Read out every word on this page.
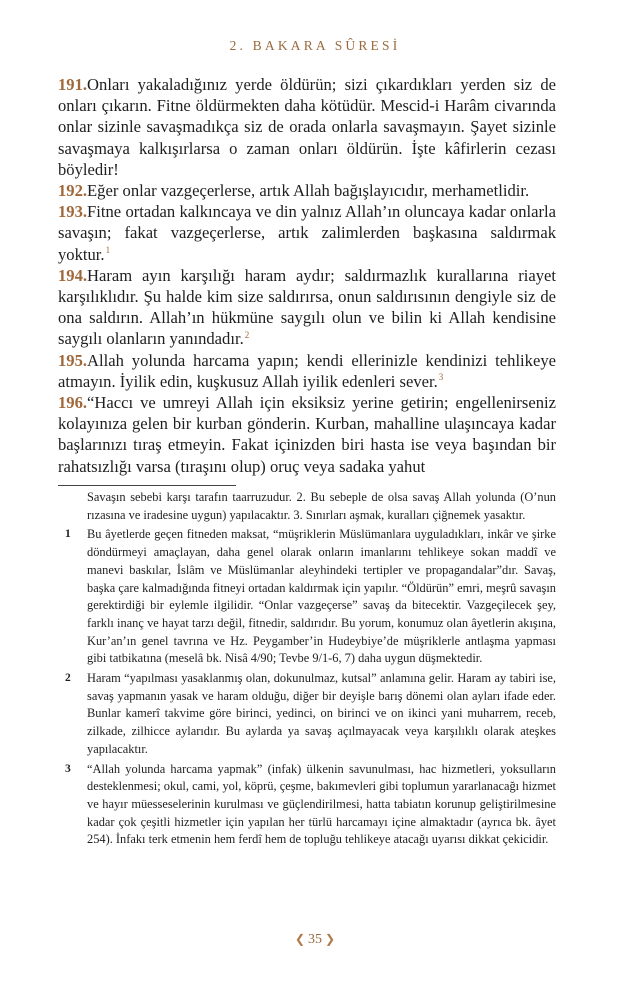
2. BAKARA SÛRESİ

191.Onları yakaladığınız yerde öldürün; sizi çıkardıkları yerden siz de onları çıkarın. Fitne öldürmekten daha kötüdür. Mescid-i Harâm civarında onlar sizinle savaşmadıkça siz de orada onlarla savaşmayın. Şayet sizinle savaşmaya kalkışırlarsa o zaman onları öldürün. İşte kâfirlerin cezası böyledir!

192.Eğer onlar vazgeçerlerse, artık Allah bağışlayıcıdır, merhametlidir.

193.Fitne ortadan kalkıncaya ve din yalnız Allah’ın oluncaya kadar onlarla savaşın; fakat vazgeçerlerse, artık zalimlerden başkasına saldırmak yoktur.$^1$

194.Haram ayın karşılığı haram aydır; saldırmazlık kurallarına riayet karşılıklıdır. Şu halde kim size saldırırsa, onun saldırısının dengiyle siz de ona saldırın. Allah’ın hükmüne saygılı olun ve bilin ki Allah kendisine saygılı olanların yanındadır.$^2$

195.Allah yolunda harcama yapın; kendi ellerinizle kendinizi tehlikeye atmayın. İyilik edin, kuşkusuz Allah iyilik edenleri sever.$^3$

196.“Haccı ve umreyi Allah için eksiksiz yerine getirin; engellenirseniz kolayınıza gelen bir kurban gönderin. Kurban, mahalline ulaşıncaya kadar başlarınızı tıraş etmeyin. Fakat içinizden biri hasta ise veya başından bir rahatsızlığı varsa (tıraşını olup) oruç veya sadaka yahut

Savaşın sebebi karşı tarafın taarruzudur. 2. Bu sebeple de olsa savaş Allah yolunda (O’nun rızasına ve iradesine uygun) yapılacaktır. 3. Sınırları aşmak, kuralları çiğnemek yasaktır.

1 Bu âyetlerde geçen fitneden maksat, “müşriklerin Müslümanlara uyguladıkları, inkâr ve şirke döndürmeyi amaçlayan, daha genel olarak onların imanlarını tehlikeye sokan maddî ve manevi baskılar, İslâm ve Müslümanlar aleyhindeki tertipler ve propagandalar”dır. Savaş, başka çare kalmadığında fitneyi ortadan kaldırmak için yapılır. “Öldürün” emri, meşrû savaşın gerektirdiği bir eylemle ilgilidir. “Onlar vazgeçerse” savaş da bitecektir. Vazgeçilecek şey, farklı inanç ve hayat tarzı değil, fitnedir, saldırıdır. Bu yorum, konumuz olan âyetlerin akışına, Kur’an’ın genel tavrına ve Hz. Peygamber’in Hudeybiye’de müşriklerle antlaşma yapması gibi tatbikatına (meselâ bk. Nisâ 4/90; Tevbe 9/1-6, 7) daha uygun düşmektedir.

2 Haram “yapılması yasaklanmış olan, dokunulmaz, kutsal” anlamına gelir. Haram ay tabiri ise, savaş yapmanın yasak ve haram olduğu, diğer bir deyişle barış dönemi olan ayları ifade eder. Bunlar kamerî takvime göre birinci, yedinci, on birinci ve on ikinci yani muharrem, receb, zilkade, zilhicce aylarıdır. Bu aylarda ya savaş açılmayacak veya karşılıklı olarak ateşkes yapılacaktır.

3 “Allah yolunda harcama yapmak” (infak) ülkenin savunulması, hac hizmetleri, yoksulların desteklenmesi; okul, cami, yol, köprü, çeşme, bakımevleri gibi toplumun yararlanacağı hizmet ve hayır müesseselerinin kurulması ve güçlendirilmesi, hatta tabiatın korunup geliştirilmesine kadar çok çeşitli hizmetler için yapılan her türlü harcamayı içine almaktadır (ayrıca bk. âyet 254). İnfakı terk etmenin hem ferdî hem de topluğu tehlikeye atacağı uyarısı dikkat çekicidir.

❮ 35 ❯
